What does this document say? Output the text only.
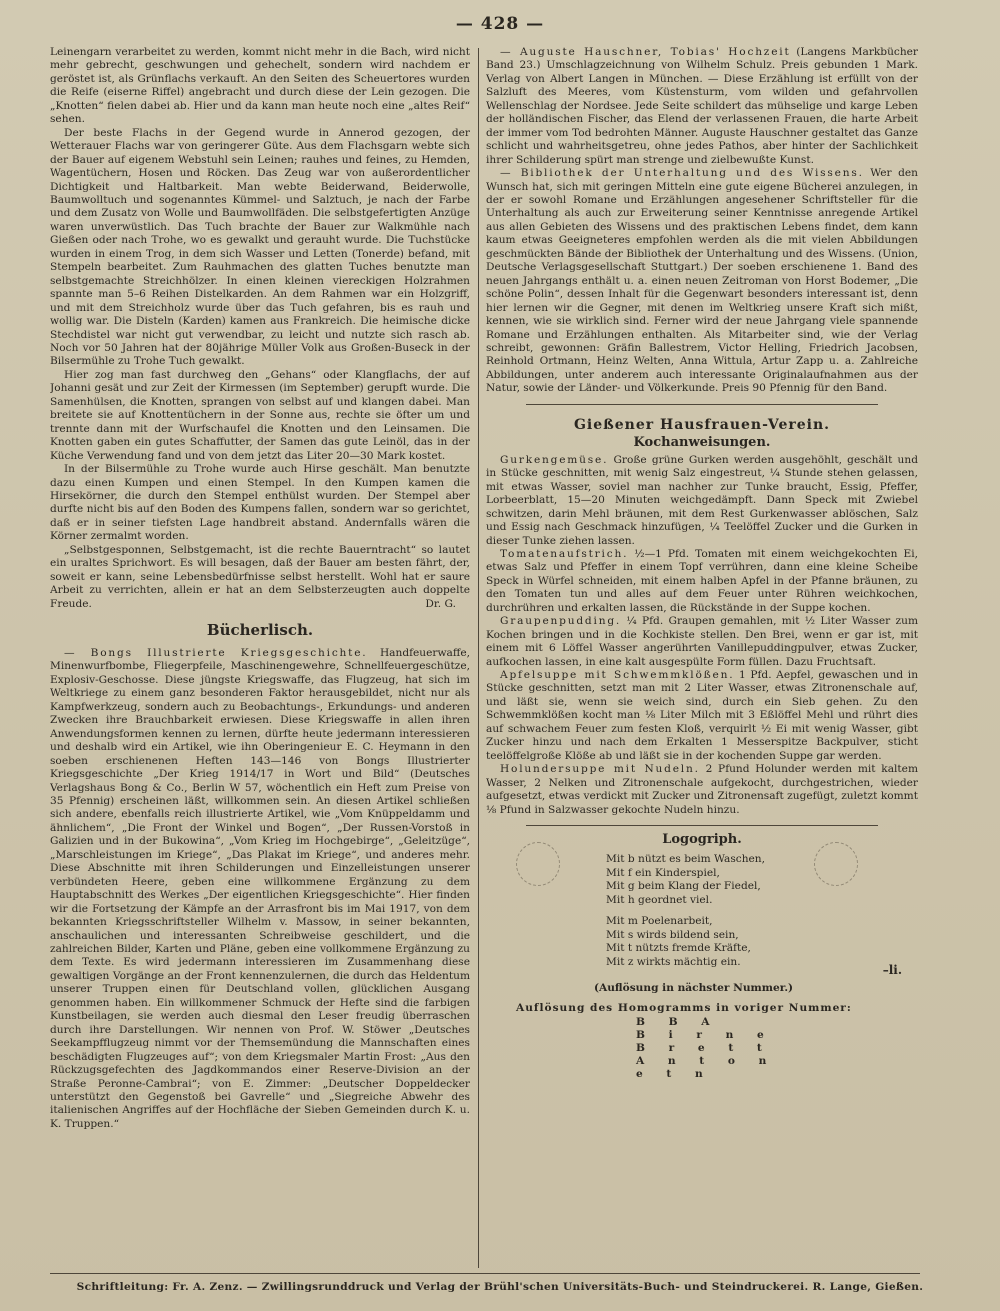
— 428 —

Leinengarn verarbeitet zu werden, kommt nicht mehr in die Bach, wird nicht mehr gebrecht, geschwungen und gehechelt, sondern wird nachdem er geröstet ist, als Grünflachs verkauft. An den Seiten des Scheuertores wurden die Reife (eiserne Riffel) angebracht und durch diese der Lein gezogen. Die „Knotten“ fielen dabei ab. Hier und da kann man heute noch eine „altes Reif“ sehen.

Der beste Flachs in der Gegend wurde in Annerod gezogen, der Wetterauer Flachs war von geringerer Güte. Aus dem Flachsgarn webte sich der Bauer auf eigenem Webstuhl sein Leinen; rauhes und feines, zu Hemden, Wagentüchern, Hosen und Röcken. Das Zeug war von außerordentlicher Dichtigkeit und Haltbarkeit. Man webte Beiderwand, Beiderwolle, Baumwolltuch und sogenanntes Kümmel- und Salztuch, je nach der Farbe und dem Zusatz von Wolle und Baumwollfäden. Die selbstgefertigten Anzüge waren unverwüstlich. Das Tuch brachte der Bauer zur Walkmühle nach Gießen oder nach Trohe, wo es gewalkt und gerauht wurde. Die Tuchstücke wurden in einem Trog, in dem sich Wasser und Letten (Tonerde) befand, mit Stempeln bearbeitet. Zum Rauhmachen des glatten Tuches benutzte man selbstgemachte Streichhölzer. In einen kleinen viereckigen Holzrahmen spannte man 5–6 Reihen Distelkarden. An dem Rahmen war ein Holzgriff, und mit dem Streichholz wurde über das Tuch gefahren, bis es rauh und wollig war. Die Disteln (Karden) kamen aus Frankreich. Die heimische dicke Stechdistel war nicht gut verwendbar, zu leicht und nutzte sich rasch ab. Noch vor 50 Jahren hat der 80jährige Müller Volk aus Großen-Buseck in der Bilsermühle zu Trohe Tuch gewalkt.

Hier zog man fast durchweg den „Gehans“ oder Klangflachs, der auf Johanni gesät und zur Zeit der Kirmessen (im September) gerupft wurde. Die Samenhülsen, die Knotten, sprangen von selbst auf und klangen dabei. Man breitete sie auf Knottentüchern in der Sonne aus, rechte sie öfter um und trennte dann mit der Wurfschaufel die Knotten und den Leinsamen. Die Knotten gaben ein gutes Schaffutter, der Samen das gute Leinöl, das in der Küche Verwendung fand und von dem jetzt das Liter 20—30 Mark kostet.

In der Bilsermühle zu Trohe wurde auch Hirse geschält. Man benutzte dazu einen Kumpen und einen Stempel. In den Kumpen kamen die Hirsekörner, die durch den Stempel enthülst wurden. Der Stempel aber durfte nicht bis auf den Boden des Kumpens fallen, sondern war so gerichtet, daß er in seiner tiefsten Lage handbreit abstand. Andernfalls wären die Körner zermalmt worden.

„Selbstgesponnen, Selbstgemacht, ist die rechte Bauerntracht“ so lautet ein uraltes Sprichwort. Es will besagen, daß der Bauer am besten fährt, der, soweit er kann, seine Lebensbedürfnisse selbst herstellt. Wohl hat er saure Arbeit zu verrichten, allein er hat an dem Selbsterzeugten auch doppelte Freude.	Dr. G.

Bücherlisch.

— Bongs Illustrierte Kriegsgeschichte. Handfeuerwaffe, Minenwurfbombe, Fliegerpfeile, Maschinengewehre, Schnellfeuergeschütze, Explosiv-Geschosse. Diese jüngste Kriegswaffe, das Flugzeug, hat sich im Weltkriege zu einem ganz besonderen Faktor herausgebildet, nicht nur als Kampfwerkzeug, sondern auch zu Beobachtungs-, Erkundungs- und anderen Zwecken ihre Brauchbarkeit erwiesen. Diese Kriegswaffe in allen ihren Anwendungsformen kennen zu lernen, dürfte heute jedermann interessieren und deshalb wird ein Artikel, wie ihn Oberingenieur E. C. Heymann in den soeben erschienenen Heften 143—146 von Bongs Illustrierter Kriegsgeschichte „Der Krieg 1914/17 in Wort und Bild“ (Deutsches Verlagshaus Bong & Co., Berlin W 57, wöchentlich ein Heft zum Preise von 35 Pfennig) erscheinen läßt, willkommen sein. An diesen Artikel schließen sich andere, ebenfalls reich illustrierte Artikel, wie „Vom Knüppeldamm und ähnlichem“, „Die Front der Winkel und Bogen“, „Der Russen-Vorstoß in Galizien und in der Bukowina“, „Vom Krieg im Hochgebirge“, „Geleitzüge“, „Marschleistungen im Kriege“, „Das Plakat im Kriege“, und anderes mehr. Diese Abschnitte mit ihren Schilderungen und Einzelleistungen unserer verbündeten Heere, geben eine willkommene Ergänzung zu dem Hauptabschnitt des Werkes „Der eigentlichen Kriegsgeschichte“. Hier finden wir die Fortsetzung der Kämpfe an der Arrasfront bis im Mai 1917, von dem bekannten Kriegsschriftsteller Wilhelm v. Massow, in seiner bekannten, anschaulichen und interessanten Schreibweise geschildert, und die zahlreichen Bilder, Karten und Pläne, geben eine vollkommene Ergänzung zu dem Texte. Es wird jedermann interessieren im Zusammenhang diese gewaltigen Vorgänge an der Front kennenzulernen, die durch das Heldentum unserer Truppen einen für Deutschland vollen, glücklichen Ausgang genommen haben. Ein willkommener Schmuck der Hefte sind die farbigen Kunstbeilagen, sie werden auch diesmal den Leser freudig überraschen durch ihre Darstellungen. Wir nennen von Prof. W. Stöwer „Deutsches Seekampfflugzeug nimmt vor der Themsemündung die Mannschaften eines beschädigten Flugzeuges auf“; von dem Kriegsmaler Martin Frost: „Aus den Rückzugsgefechten des Jagdkommandos einer Reserve-Division an der Straße Peronne-Cambrai“; von E. Zimmer: „Deutscher Doppeldecker unterstützt den Gegenstoß bei Gavrelle“ und „Siegreiche Abwehr des italienischen Angriffes auf der Hochfläche der Sieben Gemeinden durch K. u. K. Truppen.“

— Auguste Hauschner, Tobias' Hochzeit (Langens Markbücher Band 23.) Umschlagzeichnung von Wilhelm Schulz. Preis gebunden 1 Mark. Verlag von Albert Langen in München. — Diese Erzählung ist erfüllt von der Salzluft des Meeres, vom Küstensturm, vom wilden und gefahrvollen Wellenschlag der Nordsee. Jede Seite schildert das mühselige und karge Leben der holländischen Fischer, das Elend der verlassenen Frauen, die harte Arbeit der immer vom Tod bedrohten Männer. Auguste Hauschner gestaltet das Ganze schlicht und wahrheitsgetreu, ohne jedes Pathos, aber hinter der Sachlichkeit ihrer Schilderung spürt man strenge und zielbewußte Kunst.

— Bibliothek der Unterhaltung und des Wissens. Wer den Wunsch hat, sich mit geringen Mitteln eine gute eigene Bücherei anzulegen, in der er sowohl Romane und Erzählungen angesehener Schriftsteller für die Unterhaltung als auch zur Erweiterung seiner Kenntnisse anregende Artikel aus allen Gebieten des Wissens und des praktischen Lebens findet, dem kann kaum etwas Geeigneteres empfohlen werden als die mit vielen Abbildungen geschmückten Bände der Bibliothek der Unterhaltung und des Wissens. (Union, Deutsche Verlagsgesellschaft Stuttgart.) Der soeben erschienene 1. Band des neuen Jahrgangs enthält u. a. einen neuen Zeitroman von Horst Bodemer, „Die schöne Polin“, dessen Inhalt für die Gegenwart besonders interessant ist, denn hier lernen wir die Gegner, mit denen im Weltkrieg unsere Kraft sich mißt, kennen, wie sie wirklich sind. Ferner wird der neue Jahrgang viele spannende Romane und Erzählungen enthalten. Als Mitarbeiter sind, wie der Verlag schreibt, gewonnen: Gräfin Ballestrem, Victor Helling, Friedrich Jacobsen, Reinhold Ortmann, Heinz Welten, Anna Wittula, Artur Zapp u. a. Zahlreiche Abbildungen, unter anderem auch interessante Originalaufnahmen aus der Natur, sowie der Länder- und Völkerkunde. Preis 90 Pfennig für den Band.

Gießener Hausfrauen-Verein.
Kochanweisungen.

Gurkengemüse. Große grüne Gurken werden ausgehöhlt, geschält und in Stücke geschnitten, mit wenig Salz eingestreut, ¼ Stunde stehen gelassen, mit etwas Wasser, soviel man nachher zur Tunke braucht, Essig, Pfeffer, Lorbeerblatt, 15—20 Minuten weichgedämpft. Dann Speck mit Zwiebel schwitzen, darin Mehl bräunen, mit dem Rest Gurkenwasser ablöschen, Salz und Essig nach Geschmack hinzufügen, ¼ Teelöffel Zucker und die Gurken in dieser Tunke ziehen lassen.

Tomatenaufstrich. ½—1 Pfd. Tomaten mit einem weichgekochten Ei, etwas Salz und Pfeffer in einem Topf verrühren, dann eine kleine Scheibe Speck in Würfel schneiden, mit einem halben Apfel in der Pfanne bräunen, zu den Tomaten tun und alles auf dem Feuer unter Rühren weichkochen, durchrühren und erkalten lassen, die Rückstände in der Suppe kochen.

Graupenpudding. ¼ Pfd. Graupen gemahlen, mit ½ Liter Wasser zum Kochen bringen und in die Kochkiste stellen. Den Brei, wenn er gar ist, mit einem mit 6 Löffel Wasser angerührten Vanillepuddingpulver, etwas Zucker, aufkochen lassen, in eine kalt ausgespülte Form füllen. Dazu Fruchtsaft.

Apfelsuppe mit Schwemmklößen. 1 Pfd. Aepfel, gewaschen und in Stücke geschnitten, setzt man mit 2 Liter Wasser, etwas Zitronenschale auf, und läßt sie, wenn sie weich sind, durch ein Sieb gehen. Zu den Schwemmklößen kocht man ⅛ Liter Milch mit 3 Eßlöffel Mehl und rührt dies auf schwachem Feuer zum festen Kloß, verquirlt ½ Ei mit wenig Wasser, gibt Zucker hinzu und nach dem Erkalten 1 Messerspitze Backpulver, sticht teelöffelgroße Klöße ab und läßt sie in der kochenden Suppe gar werden.

Holundersuppe mit Nudeln. 2 Pfund Holunder werden mit kaltem Wasser, 2 Nelken und Zitronenschale aufgekocht, durchgestrichen, wieder aufgesetzt, etwas verdickt mit Zucker und Zitronensaft zugefügt, zuletzt kommt ⅛ Pfund in Salzwasser gekochte Nudeln hinzu.

Logogriph.
Mit b nützt es beim Waschen,
Mit f ein Kinderspiel,
Mit g beim Klang der Fiedel,
Mit h geordnet viel.
Mit m Poelenarbeit,
Mit s wirds bildend sein,
Mit t nützts fremde Kräfte,
Mit z wirkts mächtig ein.
–li.
(Auflösung in nächster Nummer.)
Auflösung des Homogramms in voriger Nummer:
B B A
B i r n e
B r e t t
A n t o n
e t n
Schriftleitung: Fr. A. Zenz. — Zwillingsrunddruck und Verlag der Brühl'schen Universitäts-Buch- und Steindruckerei. R. Lange, Gießen.
